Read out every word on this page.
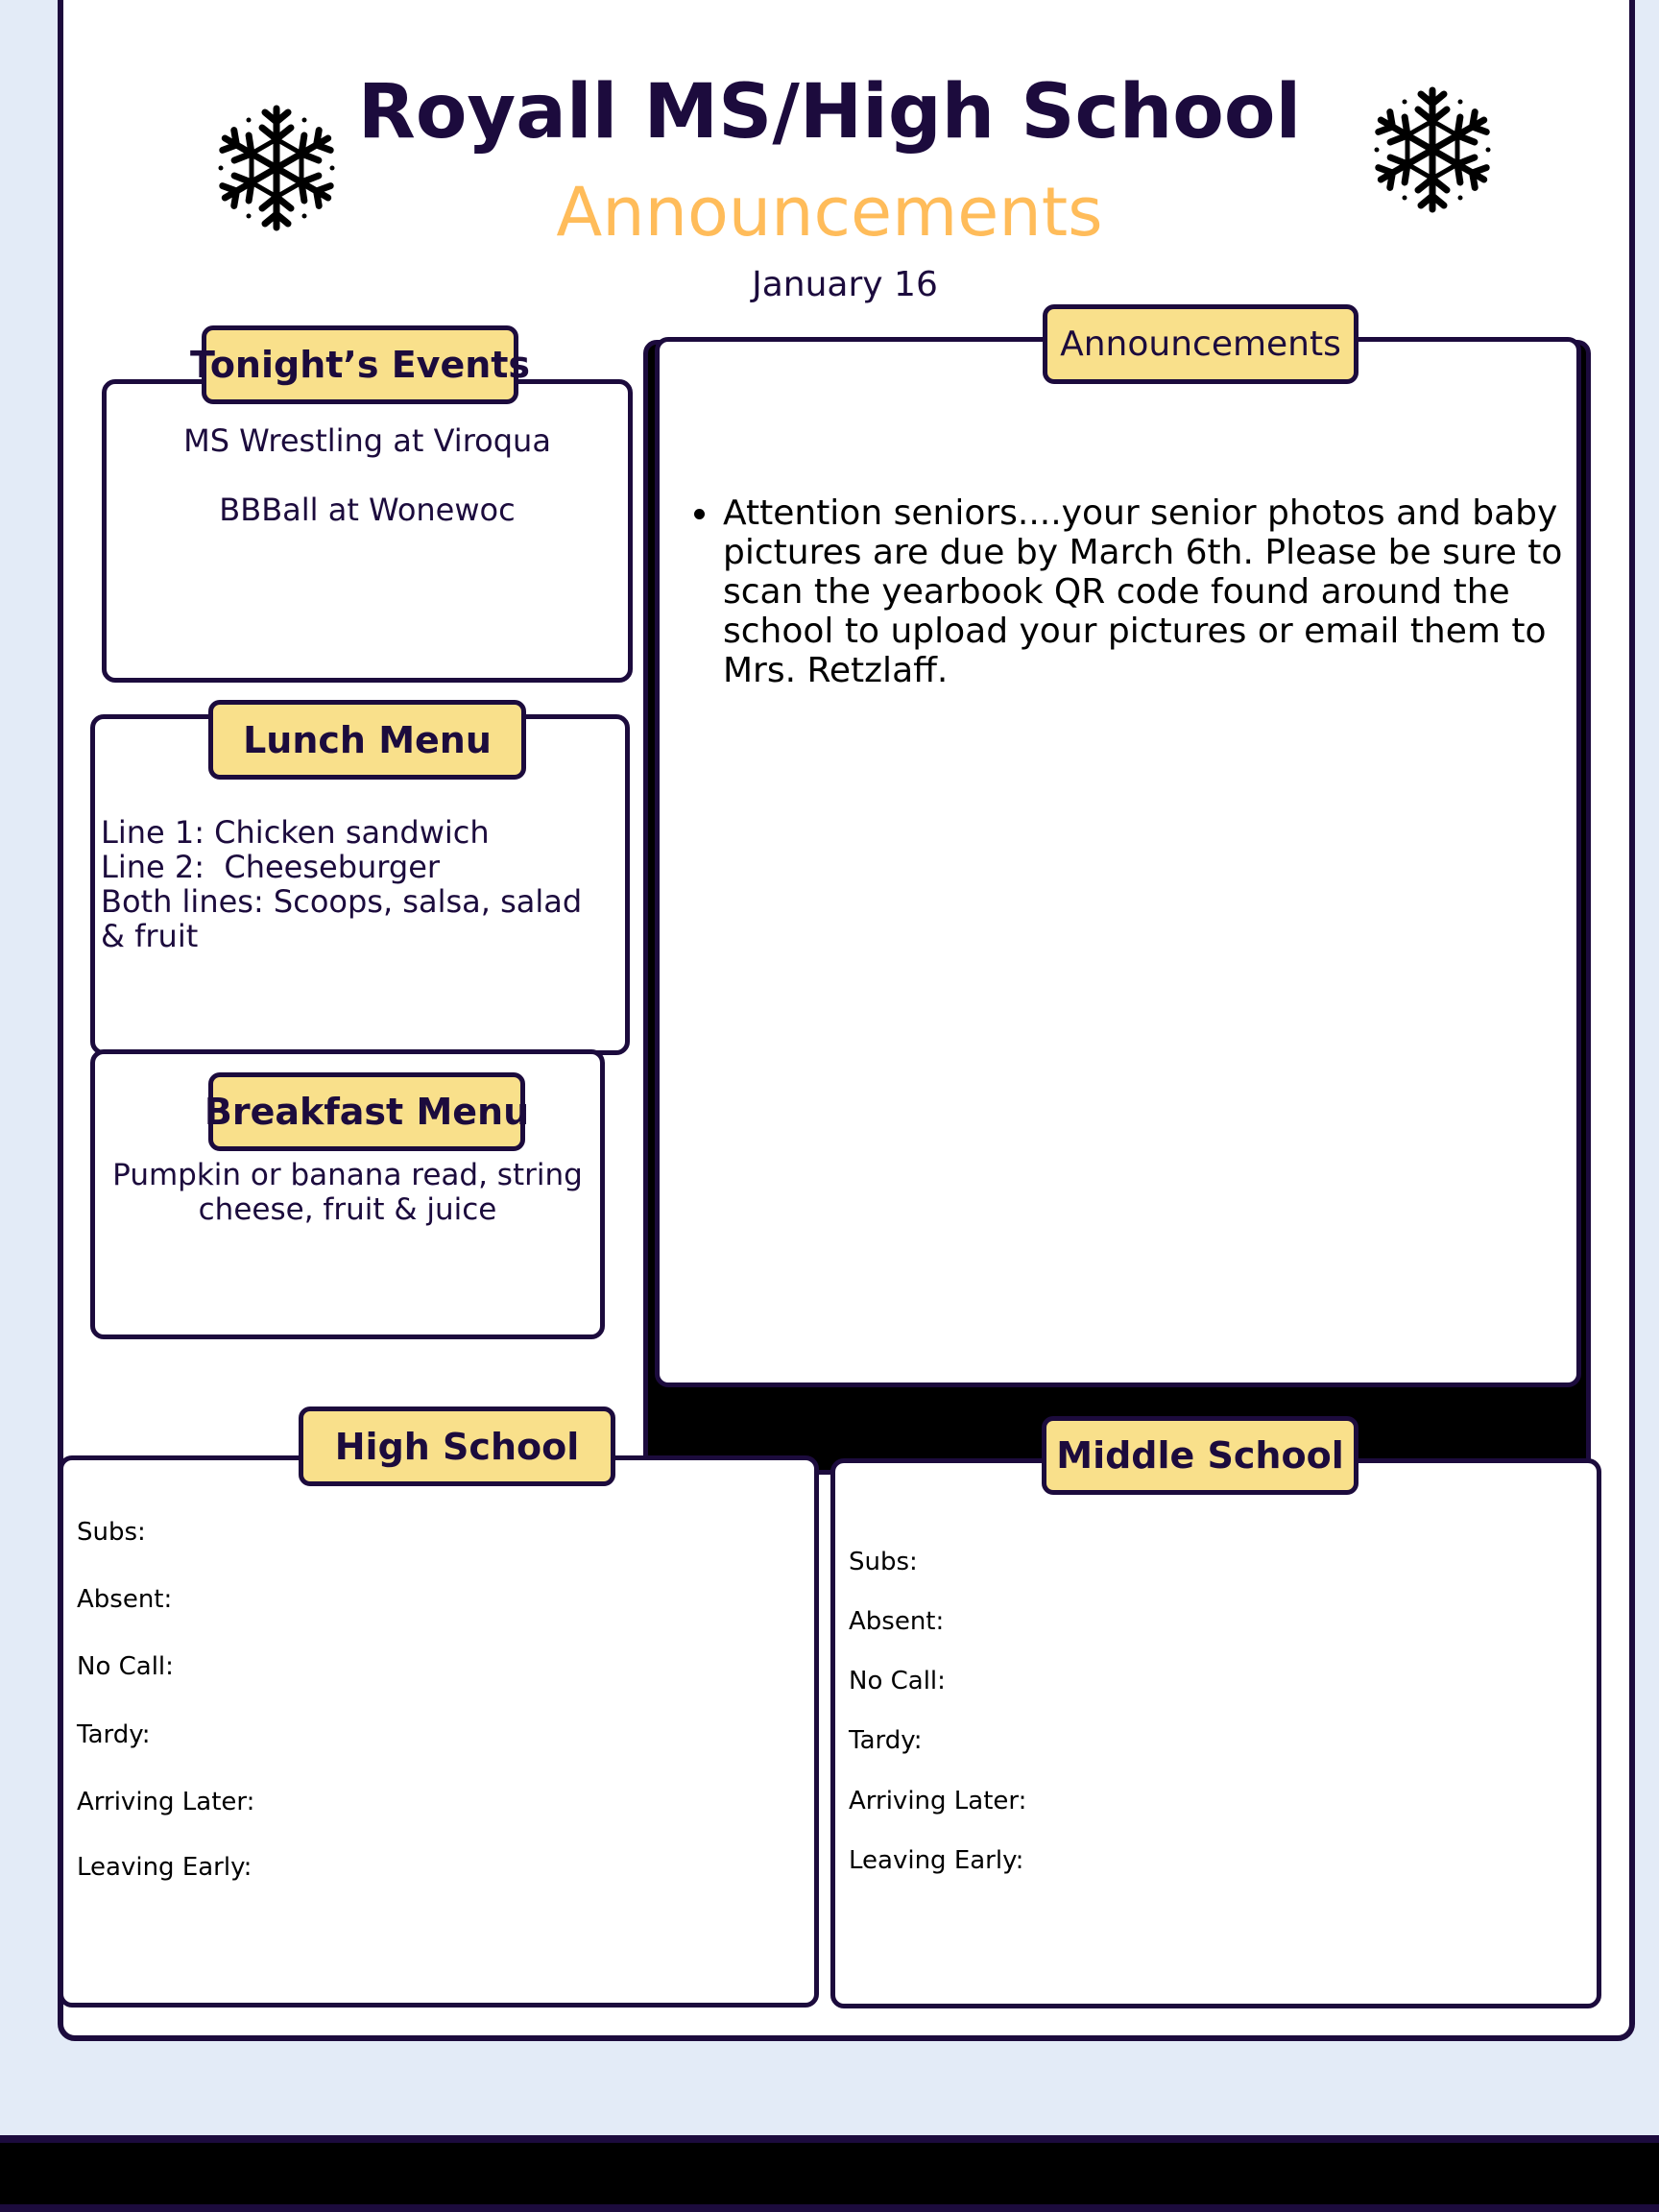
Royall MS/High School
Announcements
January 16
MS Wrestling at Viroqua
BBBall at Wonewoc
Tonight’s Events
Line 1: Chicken sandwich
Line 2:  Cheeseburger
Both lines: Scoops, salsa, salad & fruit
Lunch Menu
Pumpkin or banana read, string cheese, fruit & juice
Breakfast Menu
• Attention seniors....your senior photos and baby pictures are due by March 6th. Please be sure to scan the yearbook QR code found around the school to upload your pictures or email them to Mrs. Retzlaff.
Announcements
Subs:
Absent:
No Call:
Tardy:
Arriving Later:
Leaving Early:
High School
Subs:
Absent:
No Call:
Tardy:
Arriving Later:
Leaving Early:
Middle School
